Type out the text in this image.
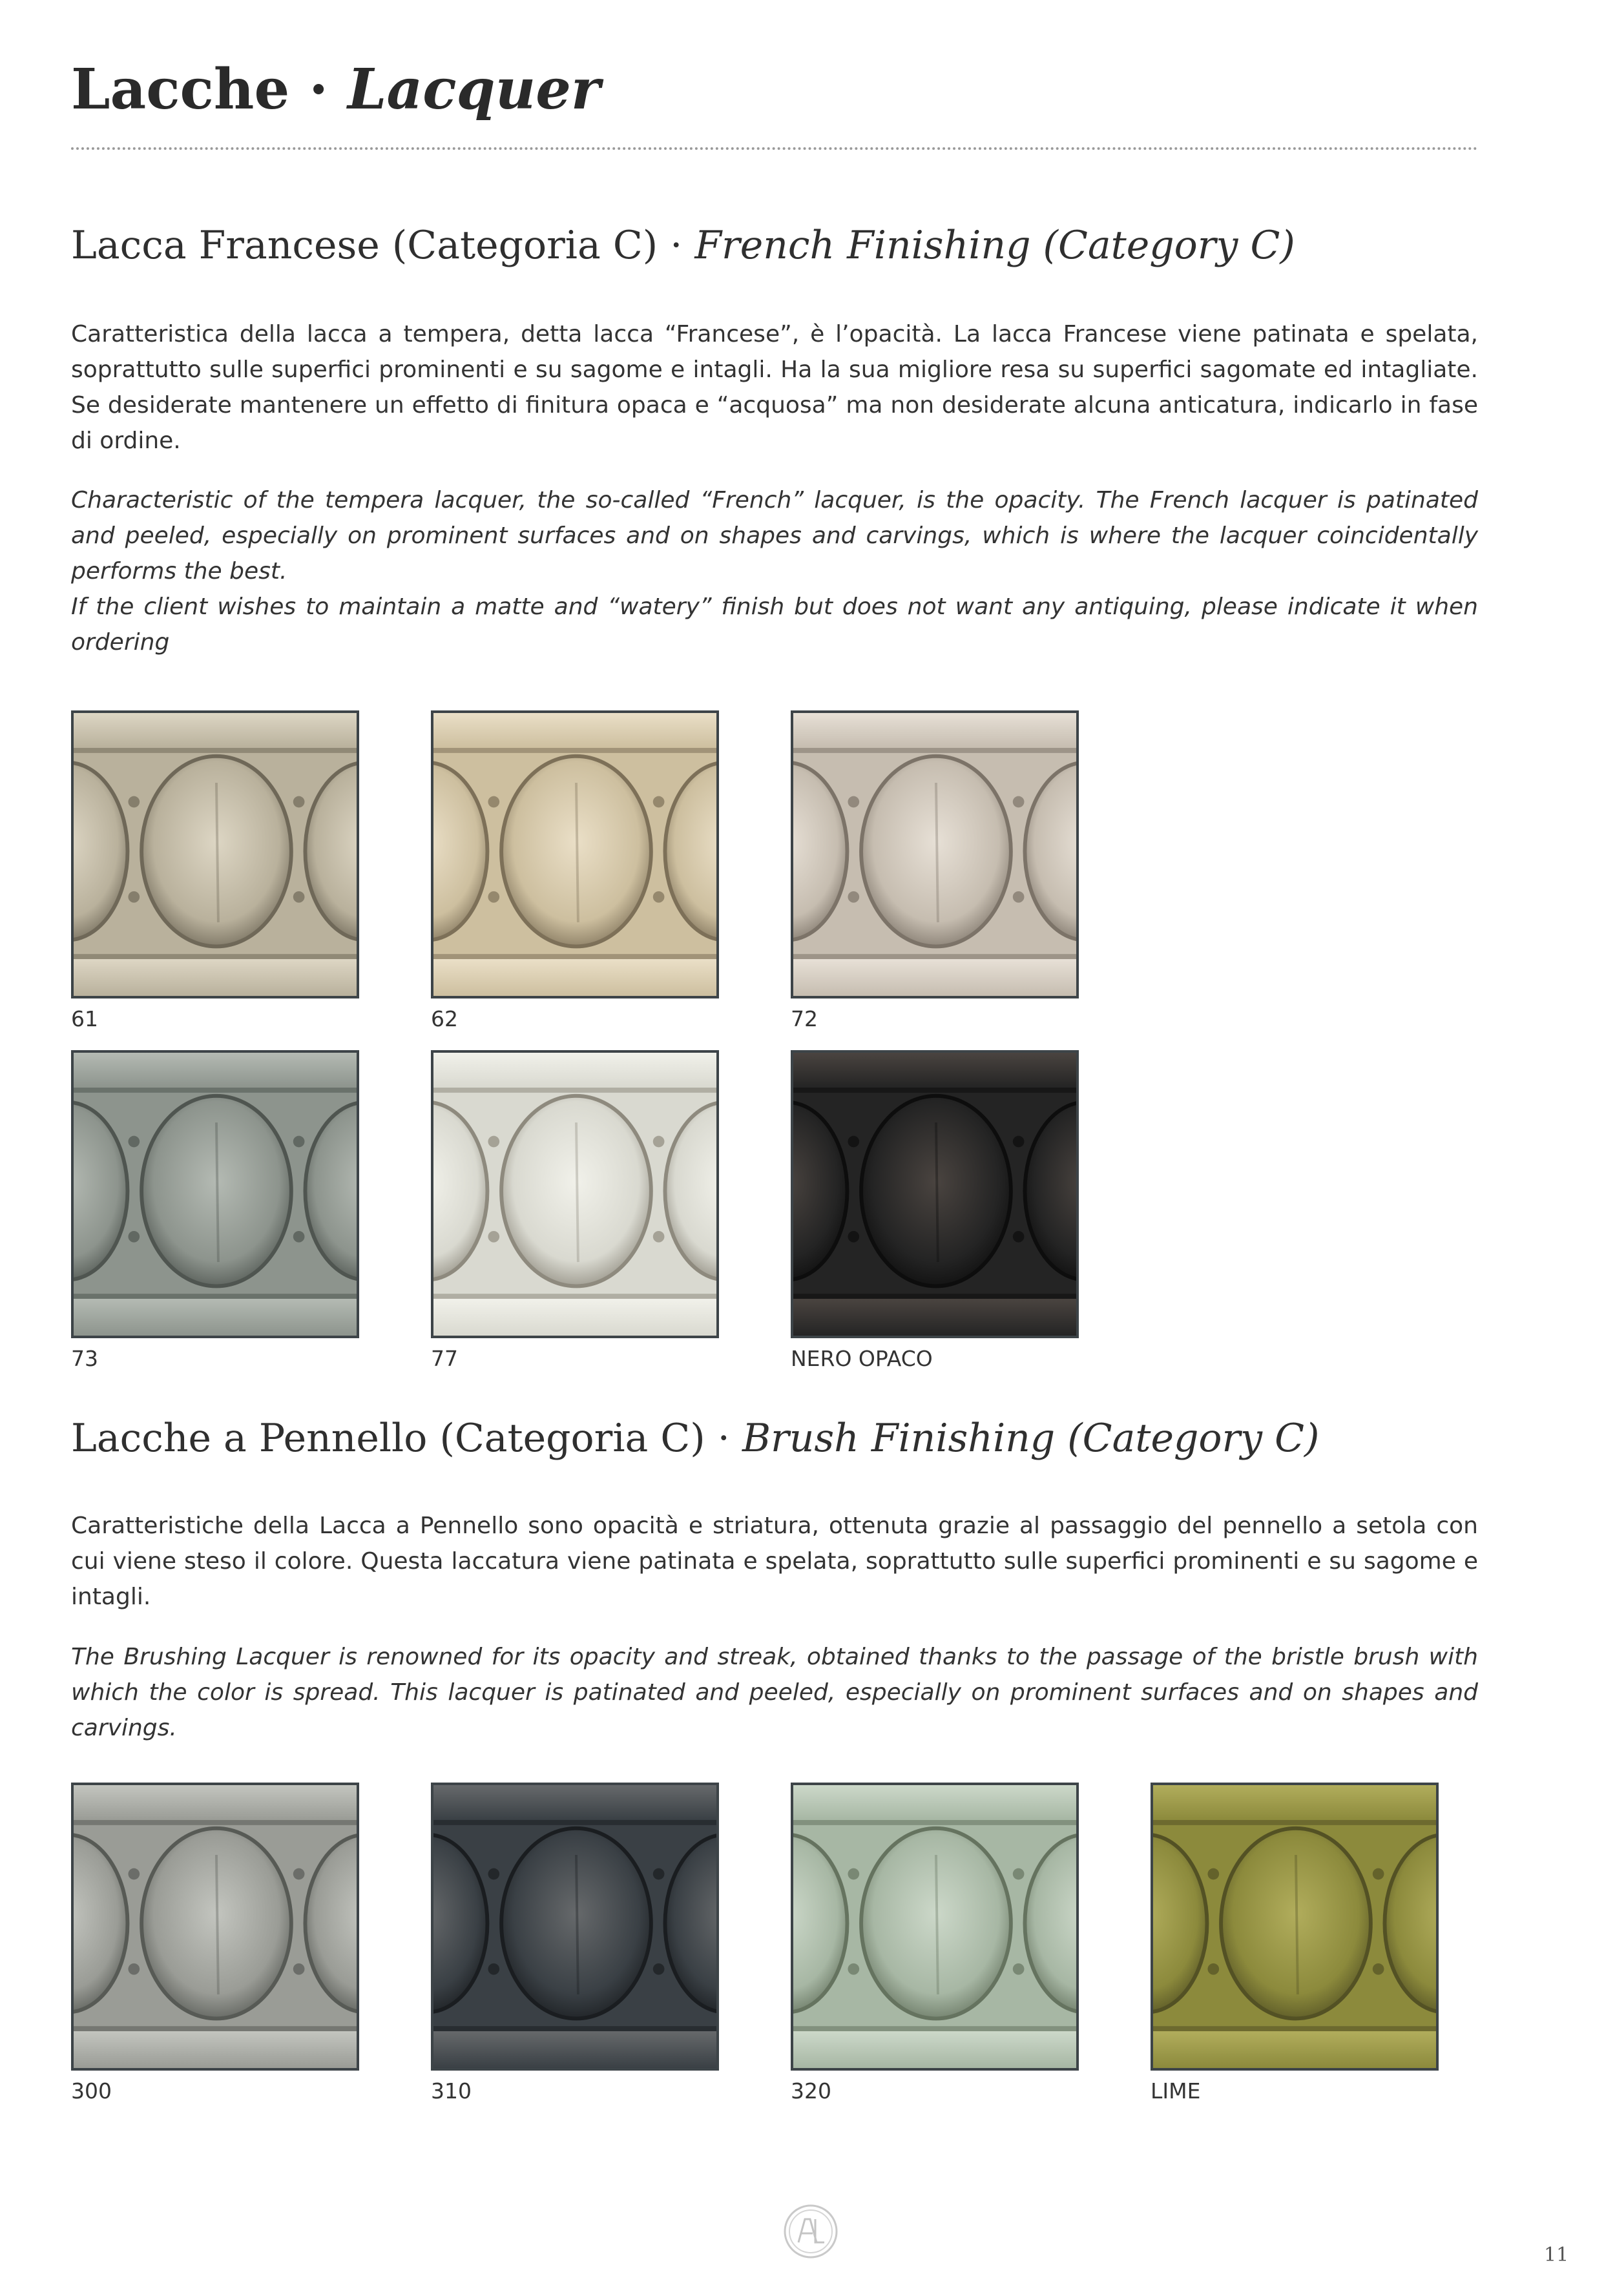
Lacche · Lacquer
Lacca Francese (Categoria C) · French Finishing (Category C)

Caratteristica della lacca a tempera, detta lacca “Francese”, è l’opacità. La lacca Francese viene patinata e spelata, soprattutto sulle superfici prominenti e su sagome e intagli. Ha la sua migliore resa su superfici sagomate ed intagliate. Se desiderate mantenere un effetto di finitura opaca e “acquosa” ma non desiderate alcuna anticatura, indicarlo in fase di ordine.

Characteristic of the tempera lacquer, the so-called “French” lacquer, is the opacity. The French lacquer is patinated and peeled, especially on prominent surfaces and on shapes and carvings, which is where the lacquer coincidentally performs the best.

If the client wishes to maintain a matte and “watery” finish but does not want any antiquing, please indicate it when ordering

61	62	72
73	77	NERO OPACO
Lacche a Pennello (Categoria C) · Brush Finishing (Category C)

Caratteristiche della Lacca a Pennello sono opacità e striatura, ottenuta grazie al passaggio del pennello a setola con cui viene steso il colore. Questa laccatura viene patinata e spelata, soprattutto sulle superfici prominenti e su sagome e intagli.

The Brushing Lacquer is renowned for its opacity and streak, obtained thanks to the passage of the bristle brush with which the color is spread. This lacquer is patinated and peeled, especially on prominent surfaces and on shapes and carvings.

300	310	320	LIME
11
